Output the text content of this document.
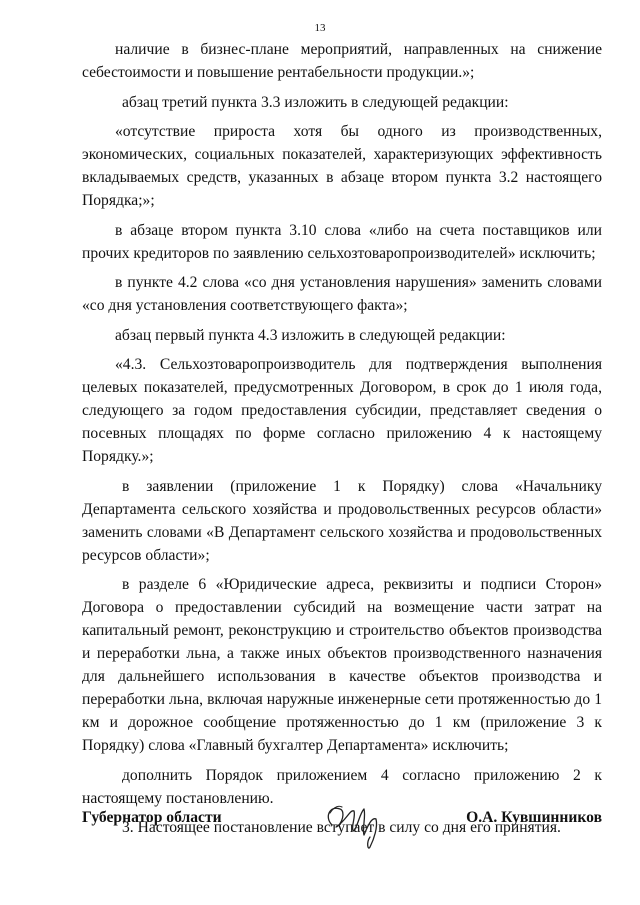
13

наличие в бизнес-плане мероприятий, направленных на снижение себестоимости и повышение рентабельности продукции.»;

абзац третий пункта 3.3 изложить в следующей редакции:

«отсутствие прироста хотя бы одного из производственных, экономических, социальных показателей, характеризующих эффективность вкладываемых средств, указанных в абзаце втором пункта 3.2 настоящего Порядка;»;

в абзаце втором пункта 3.10 слова «либо на счета поставщиков или прочих кредиторов по заявлению сельхозтоваропроизводителей» исключить;

в пункте 4.2 слова «со дня установления нарушения» заменить словами «со дня установления соответствующего факта»;

абзац первый пункта 4.3 изложить в следующей редакции:

«4.3. Сельхозтоваропроизводитель для подтверждения выполнения целевых показателей, предусмотренных Договором, в срок до 1 июля года, следующего за годом предоставления субсидии, представляет сведения о посевных площадях по форме согласно приложению 4 к настоящему Порядку.»;

в заявлении (приложение 1 к Порядку) слова «Начальнику Департамента сельского хозяйства и продовольственных ресурсов области» заменить словами «В Департамент сельского хозяйства и продовольственных ресурсов области»;

в разделе 6 «Юридические адреса, реквизиты и подписи Сторон» Договора о предоставлении субсидий на возмещение части затрат на капитальный ремонт, реконструкцию и строительство объектов производства и переработки льна, а также иных объектов производственного назначения для дальнейшего использования в качестве объектов производства и переработки льна, включая наружные инженерные сети протяженностью до 1 км и дорожное сообщение протяженностью до 1 км (приложение 3 к Порядку) слова «Главный бухгалтер Департамента» исключить;

дополнить Порядок приложением 4 согласно приложению 2 к настоящему постановлению.

3. Настоящее постановление вступает в силу со дня его принятия.

Губернатор области	О.А. Кувшинников
